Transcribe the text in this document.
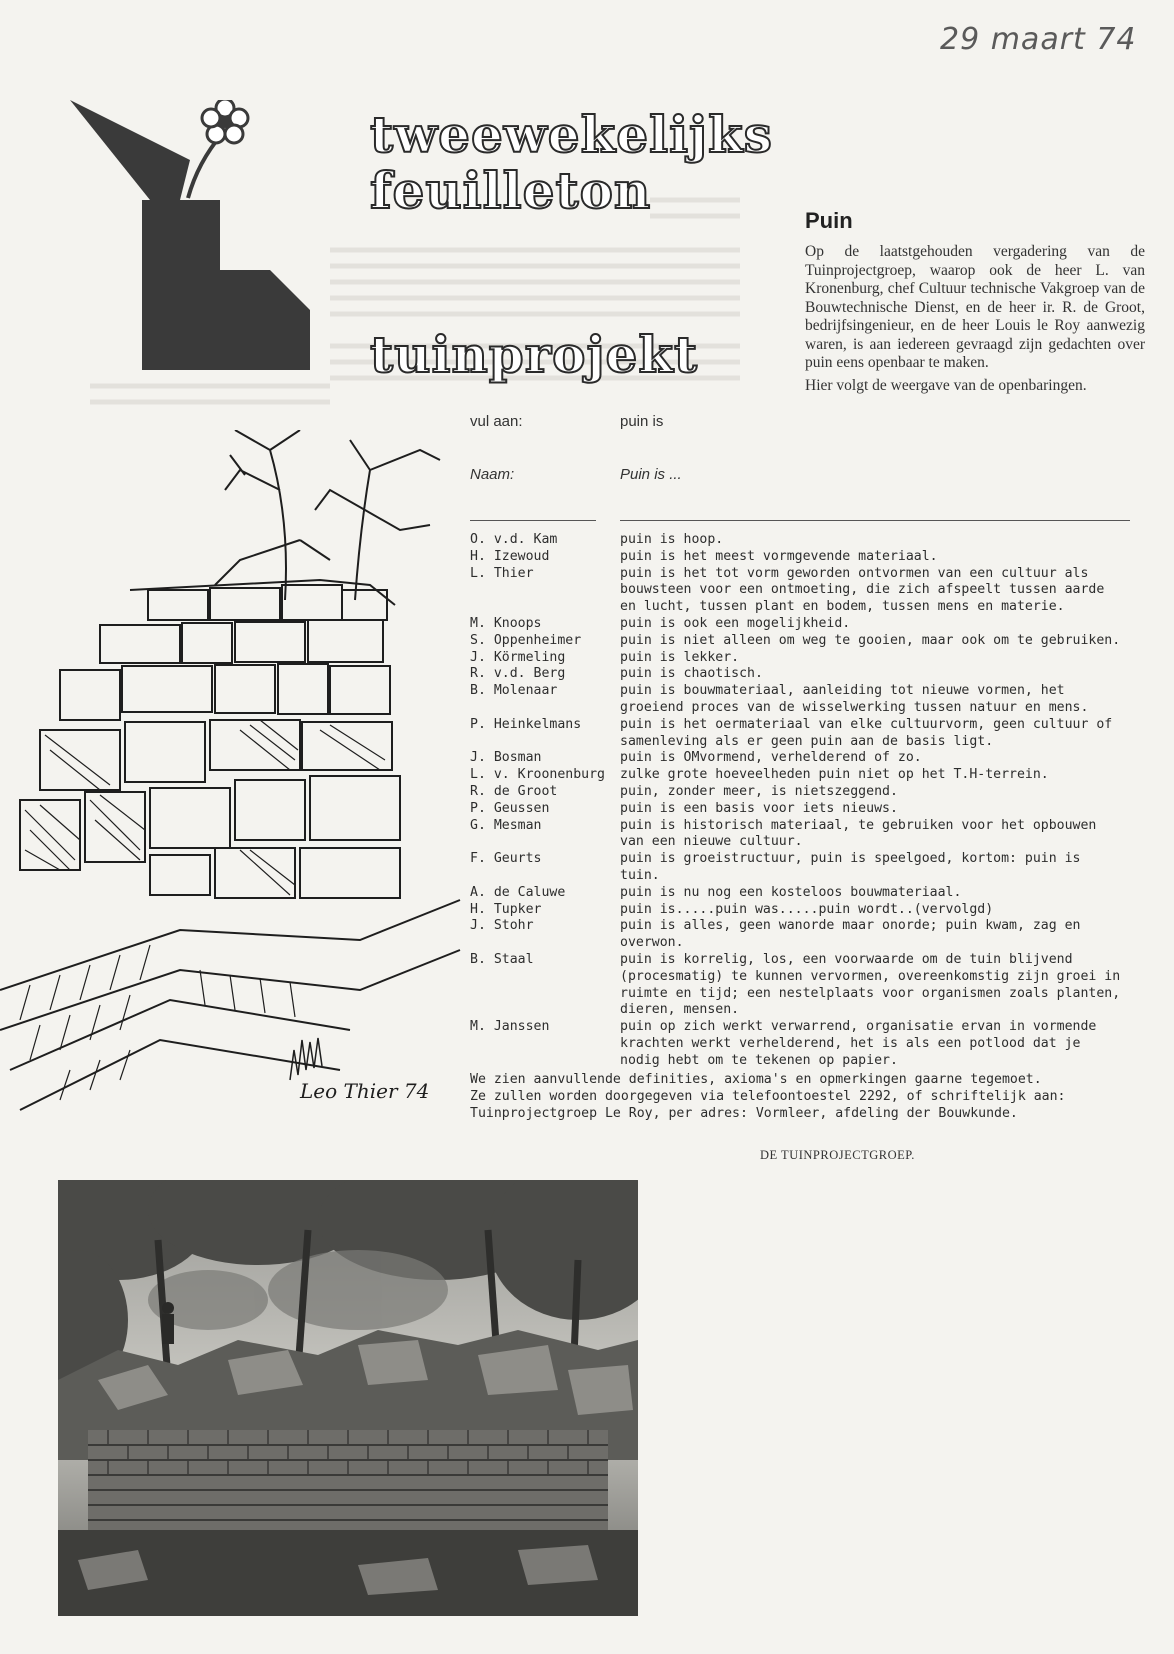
29 maart 74
tweewekelijks
feuilleton
tuinprojekt
Puin

Op de laatstgehouden vergadering van de Tuinprojectgroep, waarop ook de heer L. van Kronenburg, chef Cultuur technische Vakgroep van de Bouwtechnische Dienst, en de heer ir. R. de Groot, bedrijfsingenieur, en de heer Louis le Roy aanwezig waren, is aan iedereen gevraagd zijn gedachten over puin eens openbaar te maken.

Hier volgt de weergave van de openbaringen.

Leo Thier 74
vul aan:	puin is
Naam:	Puin is ...
O. v.d. Kam	puin is hoop.
H. Izewoud	puin is het meest vormgevende materiaal.
L. Thier	puin is het tot vorm geworden ontvormen van een cultuur als bouwsteen voor een ontmoeting, die zich afspeelt tussen aarde en lucht, tussen plant en bodem, tussen mens en materie.
M. Knoops	puin is ook een mogelijkheid.
S. Oppenheimer	puin is niet alleen om weg te gooien, maar ook om te gebruiken.
J. Körmeling	puin is lekker.
R. v.d. Berg	puin is chaotisch.
B. Molenaar	puin is bouwmateriaal, aanleiding tot nieuwe vormen, het groeiend proces van de wisselwerking tussen natuur en mens.
P. Heinkelmans	puin is het oermateriaal van elke cultuurvorm, geen cultuur of samenleving als er geen puin aan de basis ligt.
J. Bosman	puin is OMvormend, verhelderend of zo.
L. v. Kroonenburg	zulke grote hoeveelheden puin niet op het T.H-terrein.
R. de Groot	puin, zonder meer, is nietszeggend.
P. Geussen	puin is een basis voor iets nieuws.
G. Mesman	puin is historisch materiaal, te gebruiken voor het opbouwen van een nieuwe cultuur.
F. Geurts	puin is groeistructuur, puin is speelgoed, kortom: puin is tuin.
A. de Caluwe	puin is nu nog een kosteloos bouwmateriaal.
H. Tupker	puin is.....puin was.....puin wordt..(vervolgd)
J. Stohr	puin is alles, geen wanorde maar onorde; puin kwam, zag en overwon.
B. Staal	puin is korrelig, los, een voorwaarde om de tuin blijvend (procesmatig) te kunnen vervormen, overeenkomstig zijn groei in ruimte en tijd; een nestelplaats voor organismen zoals planten, dieren, mensen.
M. Janssen	puin op zich werkt verwarrend, organisatie ervan in vormende krachten werkt verhelderend, het is als een potlood dat je nodig hebt om te tekenen op papier.

We zien aanvullende definities, axioma's en opmerkingen gaarne tegemoet.

Ze zullen worden doorgegeven via telefoontoestel 2292, of schriftelijk aan: Tuinprojectgroep Le Roy, per adres: Vormleer, afdeling der Bouwkunde.

DE TUINPROJECTGROEP.
